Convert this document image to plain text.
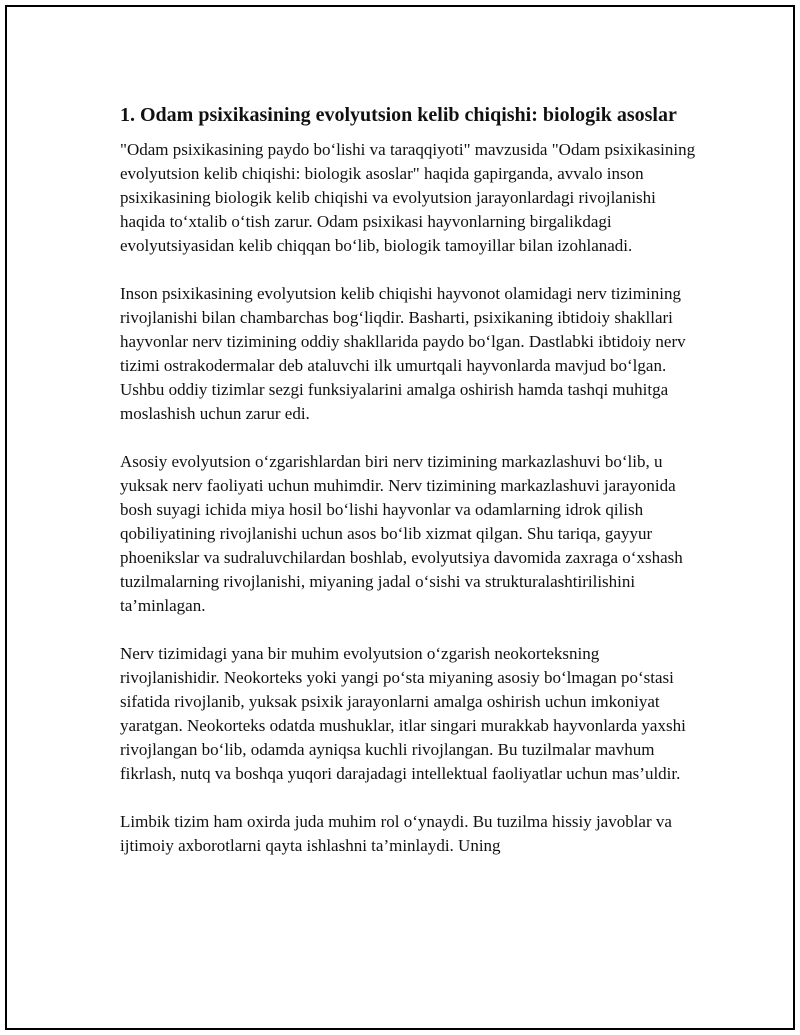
1. Odam psixikasining evolyutsion kelib chiqishi: biologik asoslar

"Odam psixikasining paydo bo‘lishi va taraqqiyoti" mavzusida "Odam psixikasining evolyutsion kelib chiqishi: biologik asoslar" haqida gapirganda, avvalo inson psixikasining biologik kelib chiqishi va evolyutsion jarayonlardagi rivojlanishi haqida to‘xtalib o‘tish zarur. Odam psixikasi hayvonlarning birgalikdagi evolyutsiyasidan kelib chiqqan bo‘lib, biologik tamoyillar bilan izohlanadi.

Inson psixikasining evolyutsion kelib chiqishi hayvonot olamidagi nerv tizimining rivojlanishi bilan chambarchas bog‘liqdir. Basharti, psixikaning ibtidoiy shakllari hayvonlar nerv tizimining oddiy shakllarida paydo bo‘lgan. Dastlabki ibtidoiy nerv tizimi ostrakodermalar deb ataluvchi ilk umurtqali hayvonlarda mavjud bo‘lgan. Ushbu oddiy tizimlar sezgi funksiyalarini amalga oshirish hamda tashqi muhitga moslashish uchun zarur edi.

Asosiy evolyutsion o‘zgarishlardan biri nerv tizimining markazlashuvi bo‘lib, u yuksak nerv faoliyati uchun muhimdir. Nerv tizimining markazlashuvi jarayonida bosh suyagi ichida miya hosil bo‘lishi hayvonlar va odamlarning idrok qilish qobiliyatining rivojlanishi uchun asos bo‘lib xizmat qilgan. Shu tariqa, gayyur phoenikslar va sudraluvchilardan boshlab, evolyutsiya davomida zaxraga o‘xshash tuzilmalarning rivojlanishi, miyaning jadal o‘sishi va strukturalashtirilishini ta’minlagan.

Nerv tizimidagi yana bir muhim evolyutsion o‘zgarish neokorteksning rivojlanishidir. Neokorteks yoki yangi po‘sta miyaning asosiy bo‘lmagan po‘stasi sifatida rivojlanib, yuksak psixik jarayonlarni amalga oshirish uchun imkoniyat yaratgan. Neokorteks odatda mushuklar, itlar singari murakkab hayvonlarda yaxshi rivojlangan bo‘lib, odamda ayniqsa kuchli rivojlangan. Bu tuzilmalar mavhum fikrlash, nutq va boshqa yuqori darajadagi intellektual faoliyatlar uchun mas’uldir.

Limbik tizim ham oxirda juda muhim rol o‘ynaydi. Bu tuzilma hissiy javoblar va ijtimoiy axborotlarni qayta ishlashni ta’minlaydi. Uning
